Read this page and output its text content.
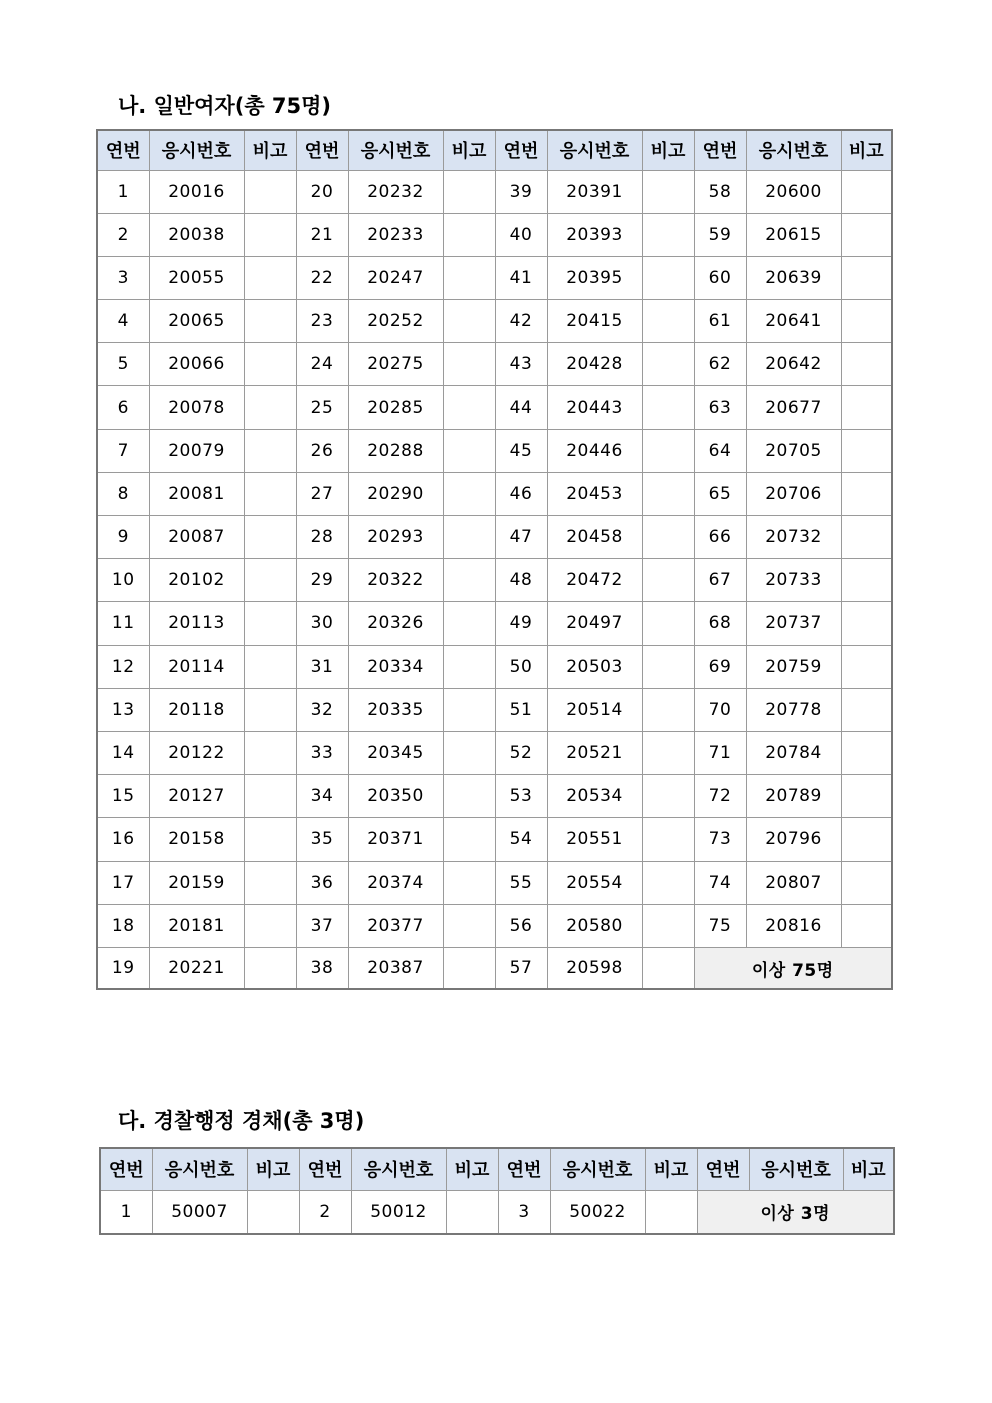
나. 일반여자(총 75명)
연번	응시번호	비고	연번	응시번호	비고	연번	응시번호	비고	연번	응시번호	비고
1	20016		20	20232		39	20391		58	20600	
2	20038		21	20233		40	20393		59	20615	
3	20055		22	20247		41	20395		60	20639	
4	20065		23	20252		42	20415		61	20641	
5	20066		24	20275		43	20428		62	20642	
6	20078		25	20285		44	20443		63	20677	
7	20079		26	20288		45	20446		64	20705	
8	20081		27	20290		46	20453		65	20706	
9	20087		28	20293		47	20458		66	20732	
10	20102		29	20322		48	20472		67	20733	
11	20113		30	20326		49	20497		68	20737	
12	20114		31	20334		50	20503		69	20759	
13	20118		32	20335		51	20514		70	20778	
14	20122		33	20345		52	20521		71	20784	
15	20127		34	20350		53	20534		72	20789	
16	20158		35	20371		54	20551		73	20796	
17	20159		36	20374		55	20554		74	20807	
18	20181		37	20377		56	20580		75	20816	
19	20221		38	20387		57	20598		이상 75명		
다. 경찰행정 경채(총 3명)
연번	응시번호	비고	연번	응시번호	비고	연번	응시번호	비고	연번	응시번호	비고
1	50007		2	50012		3	50022		이상 3명		
